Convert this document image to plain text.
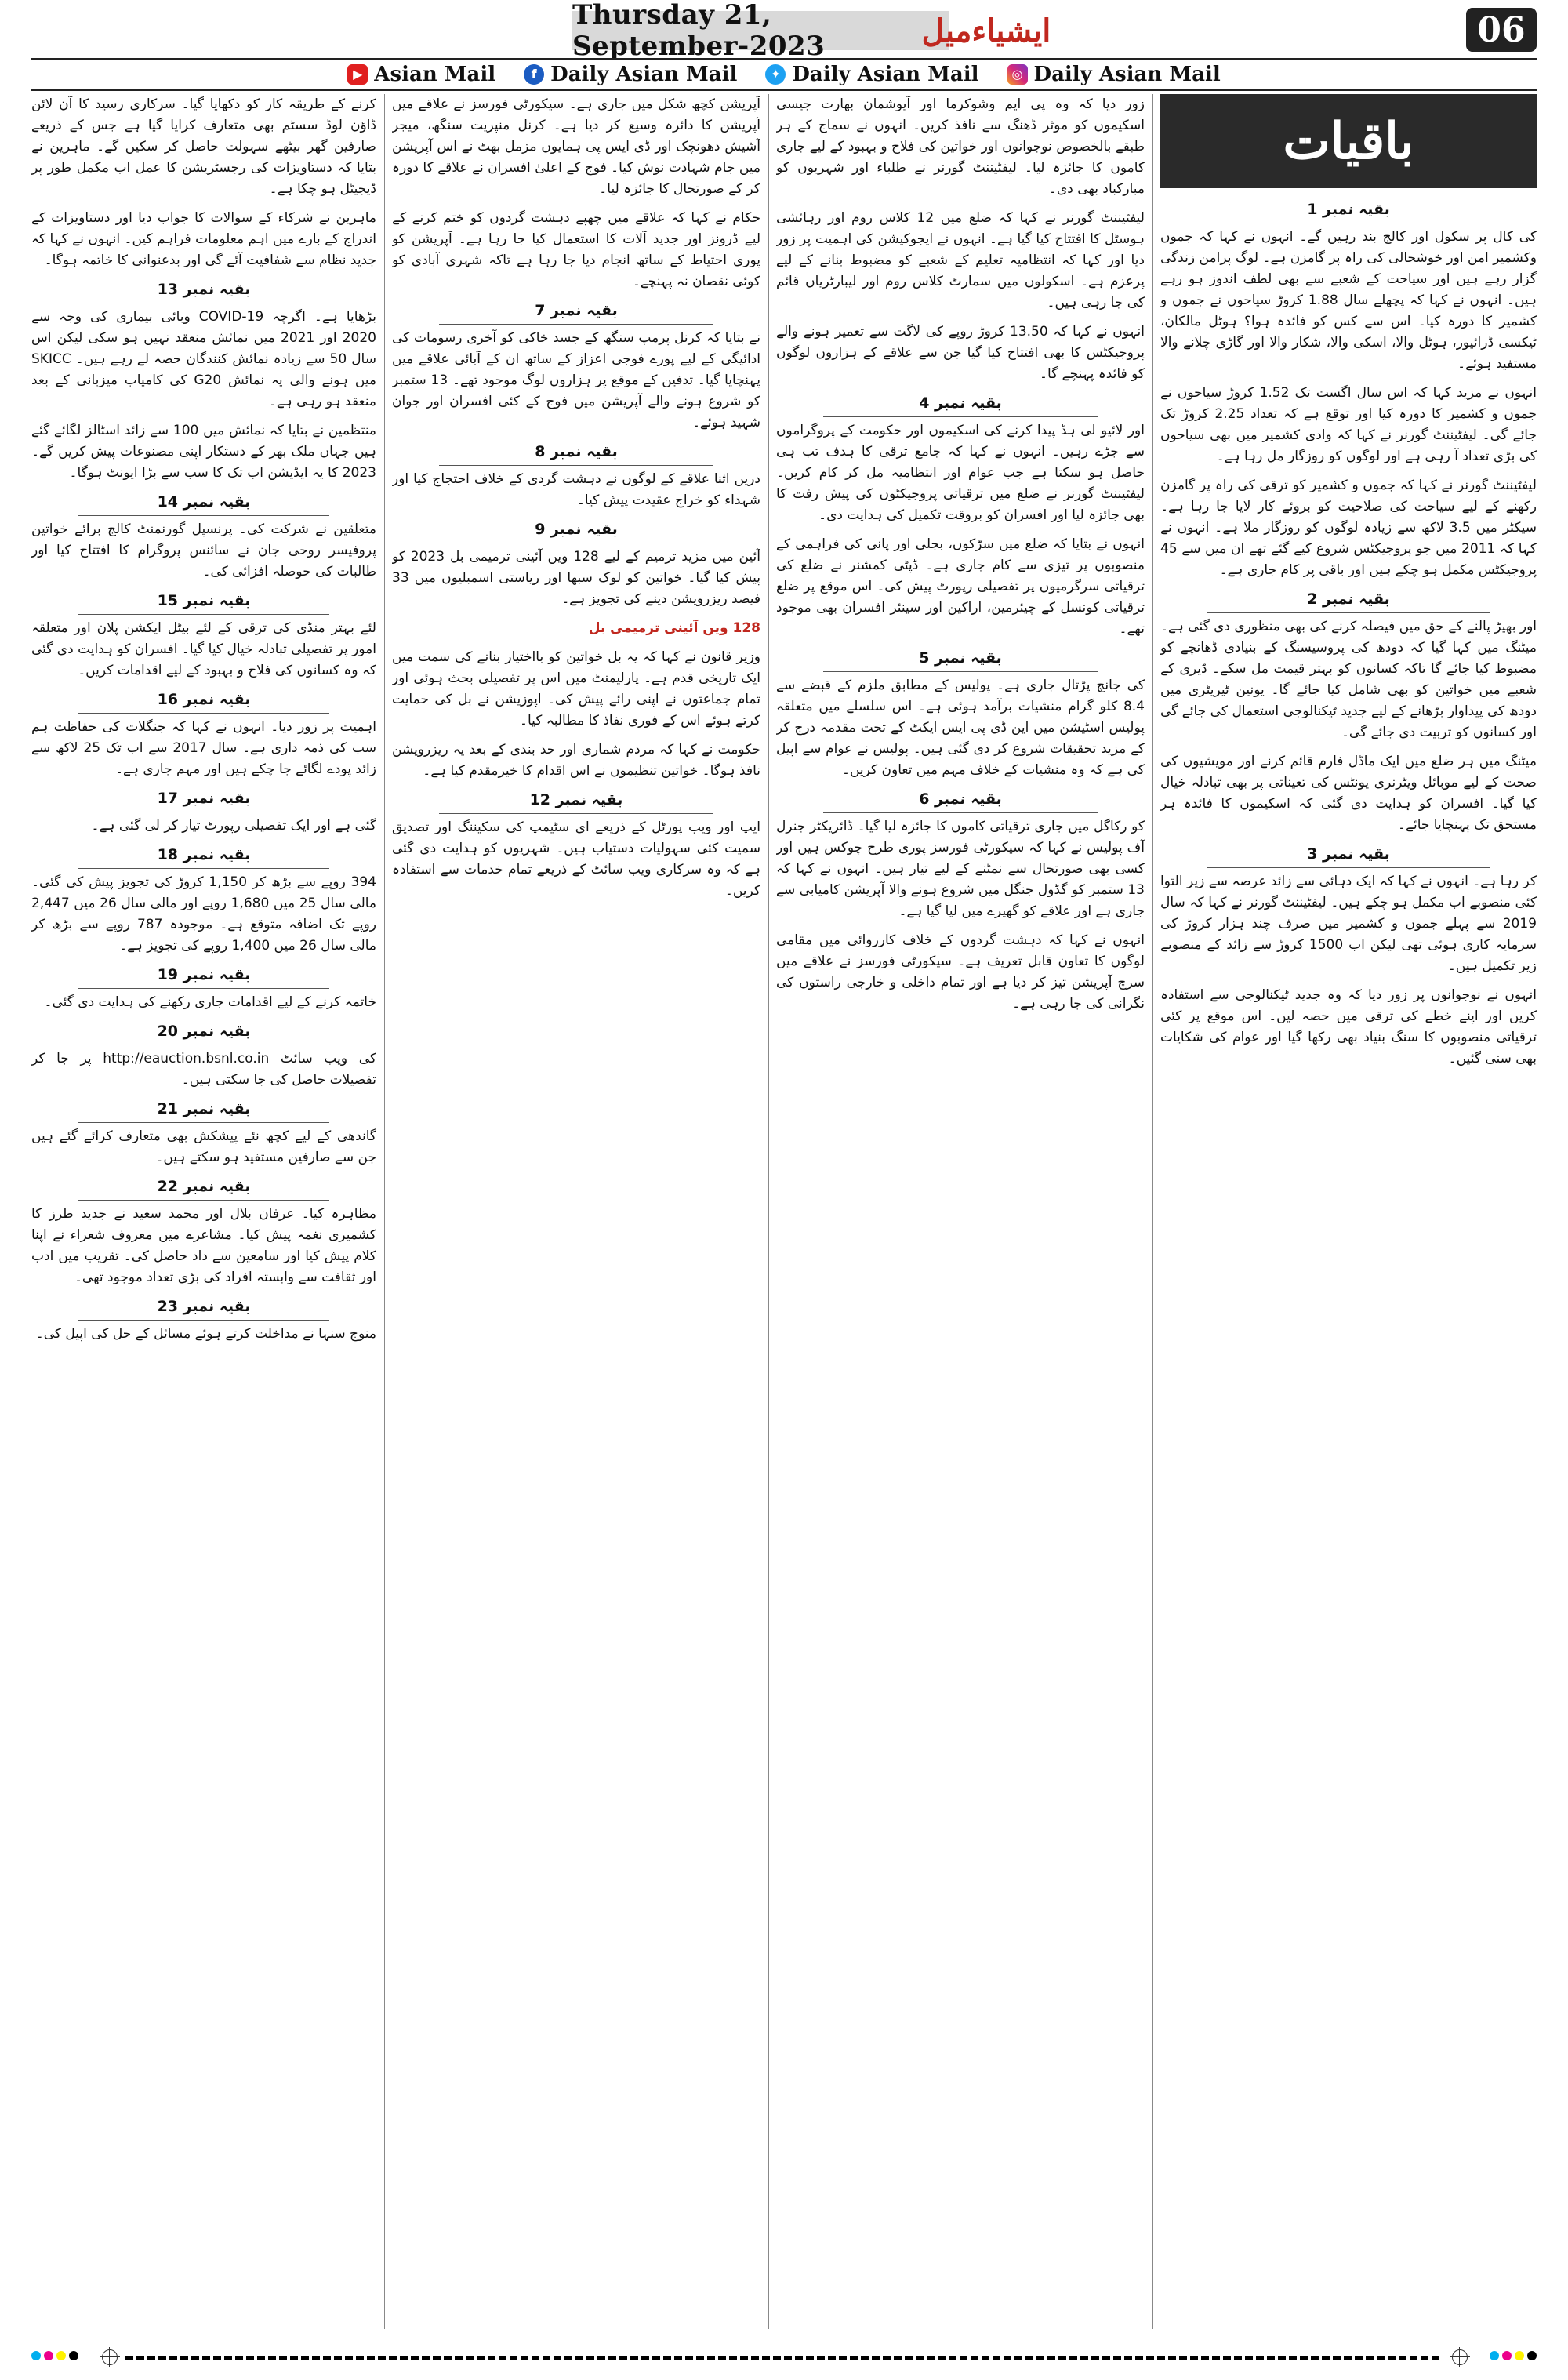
Thursday 21, September-2023	ایشیاءمیل	06
▶ Asian Mail	f Daily Asian Mail	✦ Daily Asian Mail	◎ Daily Asian Mail
باقیات
بقیہ نمبر 1

کی کال پر سکول اور کالج بند رہیں گے۔ انہوں نے کہا کہ جموں وکشمیر امن اور خوشحالی کی راہ پر گامزن ہے۔ لوگ پرامن زندگی گزار رہے ہیں اور سیاحت کے شعبے سے بھی لطف اندوز ہو رہے ہیں۔ انہوں نے کہا کہ پچھلے سال 1.88 کروڑ سیاحوں نے جموں و کشمیر کا دورہ کیا۔ اس سے کس کو فائدہ ہوا؟ ہوٹل مالکان، ٹیکسی ڈرائیور، ہوٹل والا، اسکی والا، شکار والا اور گاڑی چلانے والا مستفید ہوئے۔

انہوں نے مزید کہا کہ اس سال اگست تک 1.52 کروڑ سیاحوں نے جموں و کشمیر کا دورہ کیا اور توقع ہے کہ تعداد 2.25 کروڑ تک جائے گی۔ لیفٹیننٹ گورنر نے کہا کہ وادی کشمیر میں بھی سیاحوں کی بڑی تعداد آ رہی ہے اور لوگوں کو روزگار مل رہا ہے۔

لیفٹیننٹ گورنر نے کہا کہ جموں و کشمیر کو ترقی کی راہ پر گامزن رکھنے کے لیے سیاحت کی صلاحیت کو بروئے کار لایا جا رہا ہے۔ سیکٹر میں 3.5 لاکھ سے زیادہ لوگوں کو روزگار ملا ہے۔ انہوں نے کہا کہ 2011 میں جو پروجیکٹس شروع کیے گئے تھے ان میں سے 45 پروجیکٹس مکمل ہو چکے ہیں اور باقی پر کام جاری ہے۔

بقیہ نمبر 2

اور بھیڑ پالنے کے حق میں فیصلہ کرنے کی بھی منظوری دی گئی ہے۔ میٹنگ میں کہا گیا کہ دودھ کی پروسیسنگ کے بنیادی ڈھانچے کو مضبوط کیا جائے گا تاکہ کسانوں کو بہتر قیمت مل سکے۔ ڈیری کے شعبے میں خواتین کو بھی شامل کیا جائے گا۔ یونین ٹیریٹری میں دودھ کی پیداوار بڑھانے کے لیے جدید ٹیکنالوجی استعمال کی جائے گی اور کسانوں کو تربیت دی جائے گی۔

میٹنگ میں ہر ضلع میں ایک ماڈل فارم قائم کرنے اور مویشیوں کی صحت کے لیے موبائل ویٹرنری یونٹس کی تعیناتی پر بھی تبادلہ خیال کیا گیا۔ افسران کو ہدایت دی گئی کہ اسکیموں کا فائدہ ہر مستحق تک پہنچایا جائے۔

بقیہ نمبر 3

کر رہا ہے۔ انہوں نے کہا کہ ایک دہائی سے زائد عرصہ سے زیر التوا کئی منصوبے اب مکمل ہو چکے ہیں۔ لیفٹیننٹ گورنر نے کہا کہ سال 2019 سے پہلے جموں و کشمیر میں صرف چند ہزار کروڑ کی سرمایہ کاری ہوئی تھی لیکن اب 1500 کروڑ سے زائد کے منصوبے زیر تکمیل ہیں۔

انہوں نے نوجوانوں پر زور دیا کہ وہ جدید ٹیکنالوجی سے استفادہ کریں اور اپنے خطے کی ترقی میں حصہ لیں۔ اس موقع پر کئی ترقیاتی منصوبوں کا سنگ بنیاد بھی رکھا گیا اور عوام کی شکایات بھی سنی گئیں۔

زور دیا کہ وہ پی ایم وشوکرما اور آیوشمان بھارت جیسی اسکیموں کو موثر ڈھنگ سے نافذ کریں۔ انہوں نے سماج کے ہر طبقے بالخصوص نوجوانوں اور خواتین کی فلاح و بہبود کے لیے جاری کاموں کا جائزہ لیا۔ لیفٹیننٹ گورنر نے طلباء اور شہریوں کو مبارکباد بھی دی۔

لیفٹیننٹ گورنر نے کہا کہ ضلع میں 12 کلاس روم اور رہائشی ہوسٹل کا افتتاح کیا گیا ہے۔ انہوں نے ایجوکیشن کی اہمیت پر زور دیا اور کہا کہ انتظامیہ تعلیم کے شعبے کو مضبوط بنانے کے لیے پرعزم ہے۔ اسکولوں میں سمارٹ کلاس روم اور لیبارٹریاں قائم کی جا رہی ہیں۔

انہوں نے کہا کہ 13.50 کروڑ روپے کی لاگت سے تعمیر ہونے والے پروجیکٹس کا بھی افتتاح کیا گیا جن سے علاقے کے ہزاروں لوگوں کو فائدہ پہنچے گا۔

بقیہ نمبر 4

اور لائیو لی ہڈ پیدا کرنے کی اسکیموں اور حکومت کے پروگراموں سے جڑے رہیں۔ انہوں نے کہا کہ جامع ترقی کا ہدف تب ہی حاصل ہو سکتا ہے جب عوام اور انتظامیہ مل کر کام کریں۔ لیفٹیننٹ گورنر نے ضلع میں ترقیاتی پروجیکٹوں کی پیش رفت کا بھی جائزہ لیا اور افسران کو بروقت تکمیل کی ہدایت دی۔

انہوں نے بتایا کہ ضلع میں سڑکوں، بجلی اور پانی کی فراہمی کے منصوبوں پر تیزی سے کام جاری ہے۔ ڈپٹی کمشنر نے ضلع کی ترقیاتی سرگرمیوں پر تفصیلی رپورٹ پیش کی۔ اس موقع پر ضلع ترقیاتی کونسل کے چیئرمین، اراکین اور سینئر افسران بھی موجود تھے۔

بقیہ نمبر 5

کی جانچ پڑتال جاری ہے۔ پولیس کے مطابق ملزم کے قبضے سے 8.4 کلو گرام منشیات برآمد ہوئی ہے۔ اس سلسلے میں متعلقہ پولیس اسٹیشن میں این ڈی پی ایس ایکٹ کے تحت مقدمہ درج کر کے مزید تحقیقات شروع کر دی گئی ہیں۔ پولیس نے عوام سے اپیل کی ہے کہ وہ منشیات کے خلاف مہم میں تعاون کریں۔

بقیہ نمبر 6

کو رکاگل میں جاری ترقیاتی کاموں کا جائزہ لیا گیا۔ ڈائریکٹر جنرل آف پولیس نے کہا کہ سیکورٹی فورسز پوری طرح چوکس ہیں اور کسی بھی صورتحال سے نمٹنے کے لیے تیار ہیں۔ انہوں نے کہا کہ 13 ستمبر کو گڈول جنگل میں شروع ہونے والا آپریشن کامیابی سے جاری ہے اور علاقے کو گھیرے میں لیا گیا ہے۔

انہوں نے کہا کہ دہشت گردوں کے خلاف کارروائی میں مقامی لوگوں کا تعاون قابل تعریف ہے۔ سیکورٹی فورسز نے علاقے میں سرچ آپریشن تیز کر دیا ہے اور تمام داخلی و خارجی راستوں کی نگرانی کی جا رہی ہے۔

آپریشن کچھ شکل میں جاری ہے۔ سیکورٹی فورسز نے علاقے میں آپریشن کا دائرہ وسیع کر دیا ہے۔ کرنل منپریت سنگھ، میجر آشیش دھونچک اور ڈی ایس پی ہمایوں مزمل بھٹ نے اس آپریشن میں جام شہادت نوش کیا۔ فوج کے اعلیٰ افسران نے علاقے کا دورہ کر کے صورتحال کا جائزہ لیا۔

حکام نے کہا کہ علاقے میں چھپے دہشت گردوں کو ختم کرنے کے لیے ڈرونز اور جدید آلات کا استعمال کیا جا رہا ہے۔ آپریشن کو پوری احتیاط کے ساتھ انجام دیا جا رہا ہے تاکہ شہری آبادی کو کوئی نقصان نہ پہنچے۔

بقیہ نمبر 7

نے بتایا کہ کرنل پرمپ سنگھ کے جسد خاکی کو آخری رسومات کی ادائیگی کے لیے پورے فوجی اعزاز کے ساتھ ان کے آبائی علاقے میں پہنچایا گیا۔ تدفین کے موقع پر ہزاروں لوگ موجود تھے۔ 13 ستمبر کو شروع ہونے والے آپریشن میں فوج کے کئی افسران اور جوان شہید ہوئے۔

بقیہ نمبر 8

دریں اثنا علاقے کے لوگوں نے دہشت گردی کے خلاف احتجاج کیا اور شہداء کو خراج عقیدت پیش کیا۔

بقیہ نمبر 9

آئین میں مزید ترمیم کے لیے 128 ویں آئینی ترمیمی بل 2023 کو پیش کیا گیا۔ خواتین کو لوک سبھا اور ریاستی اسمبلیوں میں 33 فیصد ریزرویشن دینے کی تجویز ہے۔

128 ویں آئینی ترمیمی بل

وزیر قانون نے کہا کہ یہ بل خواتین کو بااختیار بنانے کی سمت میں ایک تاریخی قدم ہے۔ پارلیمنٹ میں اس پر تفصیلی بحث ہوئی اور تمام جماعتوں نے اپنی رائے پیش کی۔ اپوزیشن نے بل کی حمایت کرتے ہوئے اس کے فوری نفاذ کا مطالبہ کیا۔

حکومت نے کہا کہ مردم شماری اور حد بندی کے بعد یہ ریزرویشن نافذ ہوگا۔ خواتین تنظیموں نے اس اقدام کا خیرمقدم کیا ہے۔

بقیہ نمبر 12

ایپ اور ویب پورٹل کے ذریعے ای سٹیمپ کی سکیننگ اور تصدیق سمیت کئی سہولیات دستیاب ہیں۔ شہریوں کو ہدایت دی گئی ہے کہ وہ سرکاری ویب سائٹ کے ذریعے تمام خدمات سے استفادہ کریں۔

کرنے کے طریقہ کار کو دکھایا گیا۔ سرکاری رسید کا آن لائن ڈاؤن لوڈ سسٹم بھی متعارف کرایا گیا ہے جس کے ذریعے صارفین گھر بیٹھے سہولت حاصل کر سکیں گے۔ ماہرین نے بتایا کہ دستاویزات کی رجسٹریشن کا عمل اب مکمل طور پر ڈیجیٹل ہو چکا ہے۔

ماہرین نے شرکاء کے سوالات کا جواب دیا اور دستاویزات کے اندراج کے بارے میں اہم معلومات فراہم کیں۔ انہوں نے کہا کہ جدید نظام سے شفافیت آئے گی اور بدعنوانی کا خاتمہ ہوگا۔

بقیہ نمبر 13

بڑھایا ہے۔ اگرچہ COVID-19 وبائی بیماری کی وجہ سے 2020 اور 2021 میں نمائش منعقد نہیں ہو سکی لیکن اس سال 50 سے زیادہ نمائش کنندگان حصہ لے رہے ہیں۔ SKICC میں ہونے والی یہ نمائش G20 کی کامیاب میزبانی کے بعد منعقد ہو رہی ہے۔

منتظمین نے بتایا کہ نمائش میں 100 سے زائد اسٹالز لگائے گئے ہیں جہاں ملک بھر کے دستکار اپنی مصنوعات پیش کریں گے۔ 2023 کا یہ ایڈیشن اب تک کا سب سے بڑا ایونٹ ہوگا۔

بقیہ نمبر 14

متعلقین نے شرکت کی۔ پرنسپل گورنمنٹ کالج برائے خواتین پروفیسر روحی جان نے سائنس پروگرام کا افتتاح کیا اور طالبات کی حوصلہ افزائی کی۔

بقیہ نمبر 15

لئے بہتر منڈی کی ترقی کے لئے بیٹل ایکشن پلان اور متعلقہ امور پر تفصیلی تبادلہ خیال کیا گیا۔ افسران کو ہدایت دی گئی کہ وہ کسانوں کی فلاح و بہبود کے لیے اقدامات کریں۔

بقیہ نمبر 16

اہمیت پر زور دیا۔ انہوں نے کہا کہ جنگلات کی حفاظت ہم سب کی ذمہ داری ہے۔ سال 2017 سے اب تک 25 لاکھ سے زائد پودے لگائے جا چکے ہیں اور مہم جاری ہے۔

بقیہ نمبر 17

گئی ہے اور ایک تفصیلی رپورٹ تیار کر لی گئی ہے۔

بقیہ نمبر 18

394 روپے سے بڑھ کر 1,150 کروڑ کی تجویز پیش کی گئی۔ مالی سال 25 میں 1,680 روپے اور مالی سال 26 میں 2,447 روپے تک اضافہ متوقع ہے۔ موجودہ 787 روپے سے بڑھ کر مالی سال 26 میں 1,400 روپے کی تجویز ہے۔

بقیہ نمبر 19

خاتمہ کرنے کے لیے اقدامات جاری رکھنے کی ہدایت دی گئی۔

بقیہ نمبر 20

کی ویب سائٹ http://eauction.bsnl.co.in پر جا کر تفصیلات حاصل کی جا سکتی ہیں۔

بقیہ نمبر 21

گاندھی کے لیے کچھ نئے پیشکش بھی متعارف کرائے گئے ہیں جن سے صارفین مستفید ہو سکتے ہیں۔

بقیہ نمبر 22

مظاہرہ کیا۔ عرفان بلال اور محمد سعید نے جدید طرز کا کشمیری نغمہ پیش کیا۔ مشاعرے میں معروف شعراء نے اپنا کلام پیش کیا اور سامعین سے داد حاصل کی۔ تقریب میں ادب اور ثقافت سے وابستہ افراد کی بڑی تعداد موجود تھی۔

بقیہ نمبر 23

منوج سنہا نے مداخلت کرتے ہوئے مسائل کے حل کی اپیل کی۔
